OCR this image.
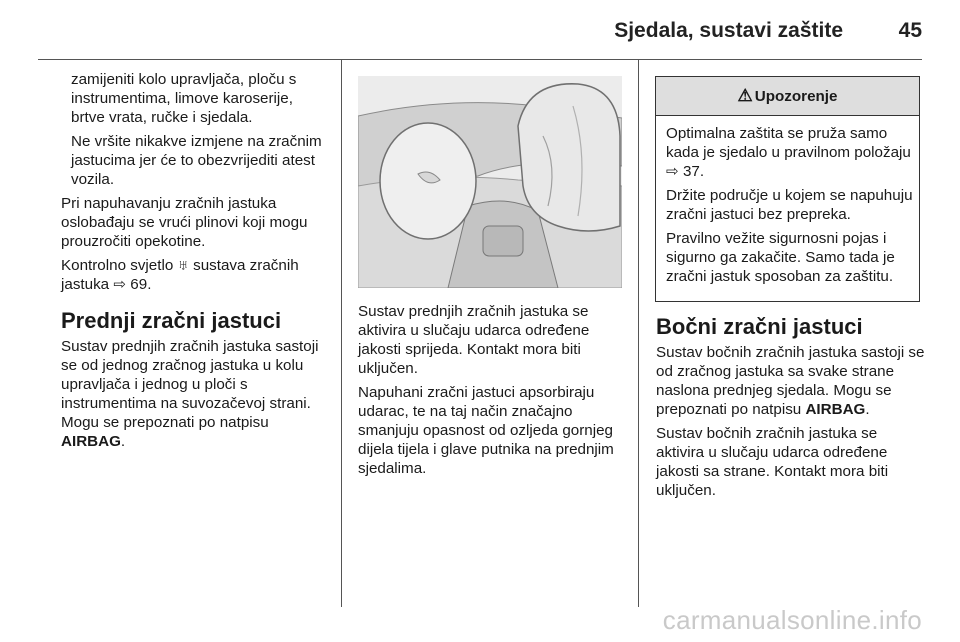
Sjedala, sustavi zaštite	45

zamijeniti kolo upravljača, ploču s instrumentima, limove karoserije, brtve vrata, ručke i sjedala.

Ne vršite nikakve izmjene na zračnim jastucima jer će to obezvrijediti atest vozila.

Pri napuhavanju zračnih jastuka oslobađaju se vrući plinovi koji mogu prouzročiti opekotine.

Kontrolno svjetlo ♅ sustava zračnih jastuka ⇨ 69.

Prednji zračni jastuci

Sustav prednjih zračnih jastuka sastoji se od jednog zračnog jastuka u kolu upravljača i jednog u ploči s instrumentima na suvozačevoj strani. Mogu se prepoznati po natpisu AIRBAG.

Sustav prednjih zračnih jastuka se aktivira u slučaju udarca određene jakosti sprijeda. Kontakt mora biti uključen.

Napuhani zračni jastuci apsorbiraju udarac, te na taj način značajno smanjuju opasnost od ozljeda gornjeg dijela tijela i glave putnika na prednjim sjedalima.

⚠ Upozorenje

Optimalna zaštita se pruža samo kada je sjedalo u pravilnom položaju ⇨ 37.

Držite područje u kojem se napuhuju zračni jastuci bez prepreka.

Pravilno vežite sigurnosni pojas i sigurno ga zakačite. Samo tada je zračni jastuk sposoban za zaštitu.

Bočni zračni jastuci

Sustav bočnih zračnih jastuka sastoji se od zračnog jastuka sa svake strane naslona prednjeg sjedala. Mogu se prepoznati po natpisu AIRBAG.

Sustav bočnih zračnih jastuka se aktivira u slučaju udarca određene jakosti sa strane. Kontakt mora biti uključen.

carmanualsonline.info
